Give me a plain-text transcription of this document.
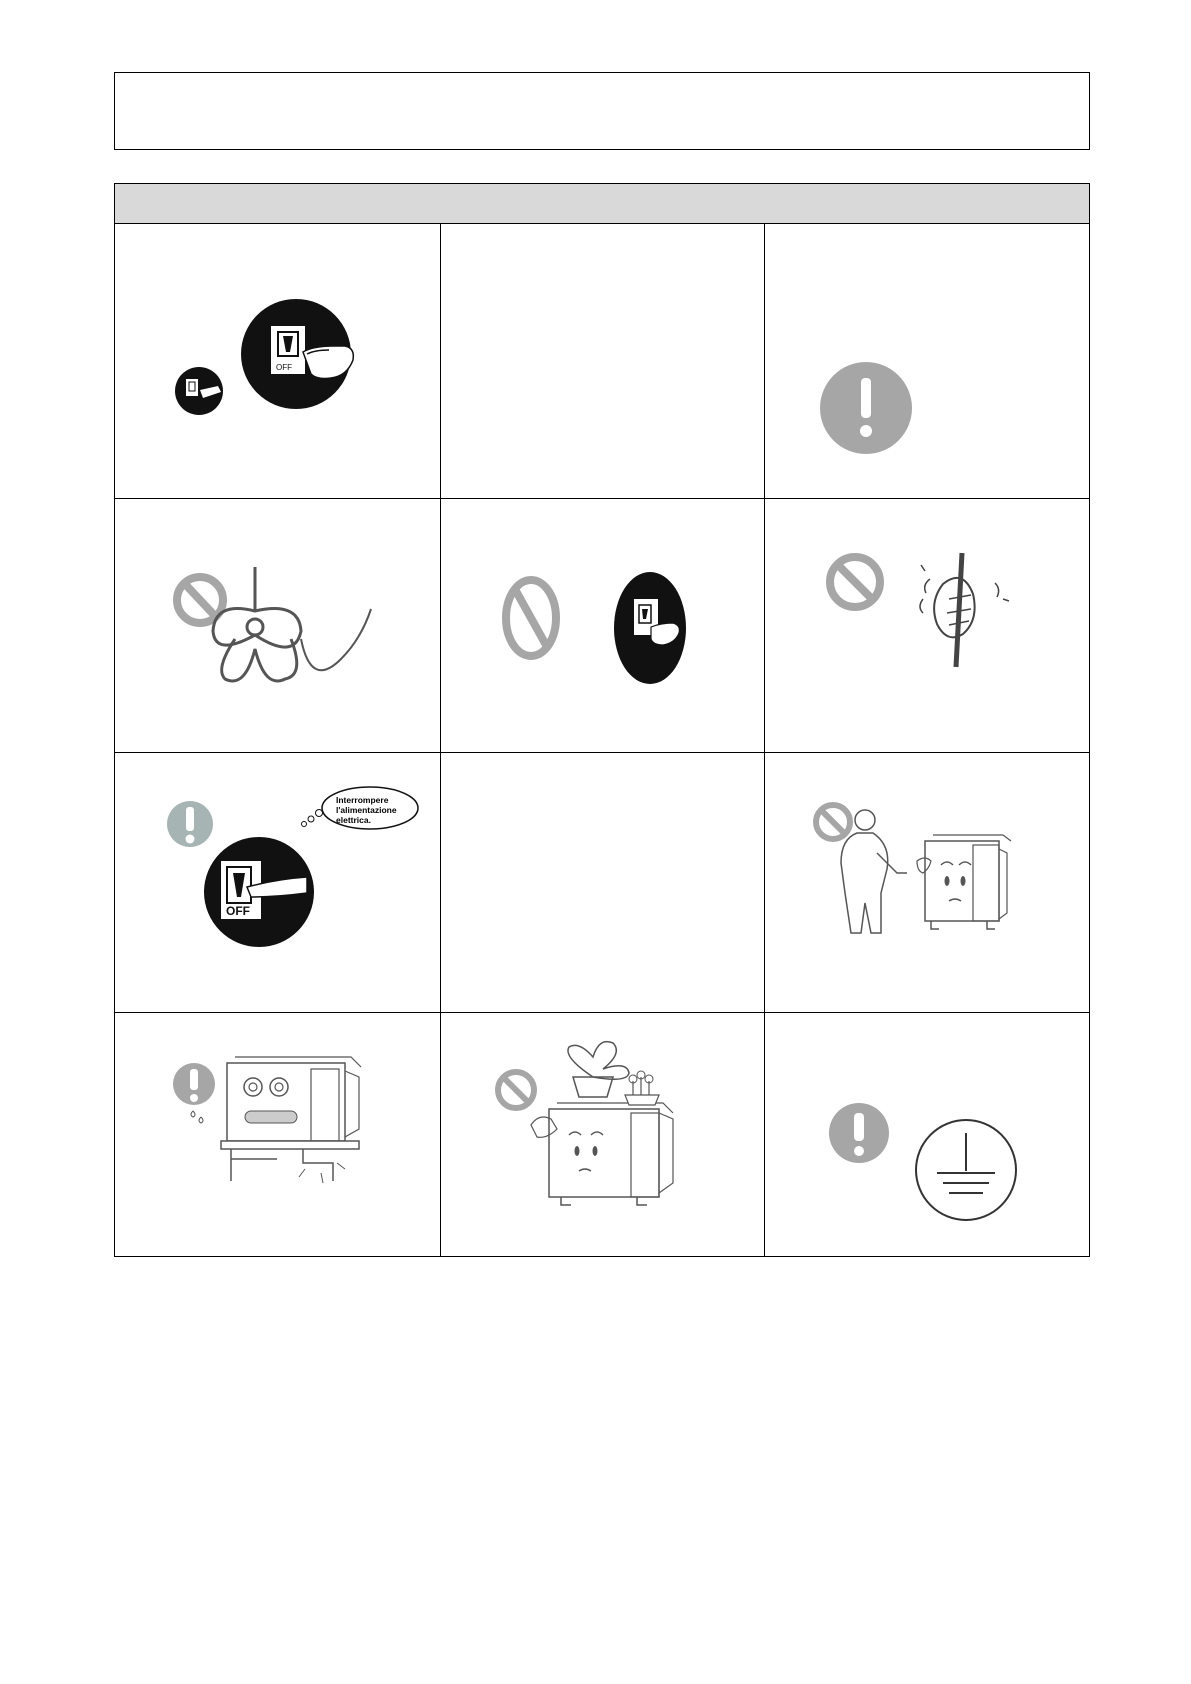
OFF
OFF
Interrompere
l'alimentazione
elettrica.
